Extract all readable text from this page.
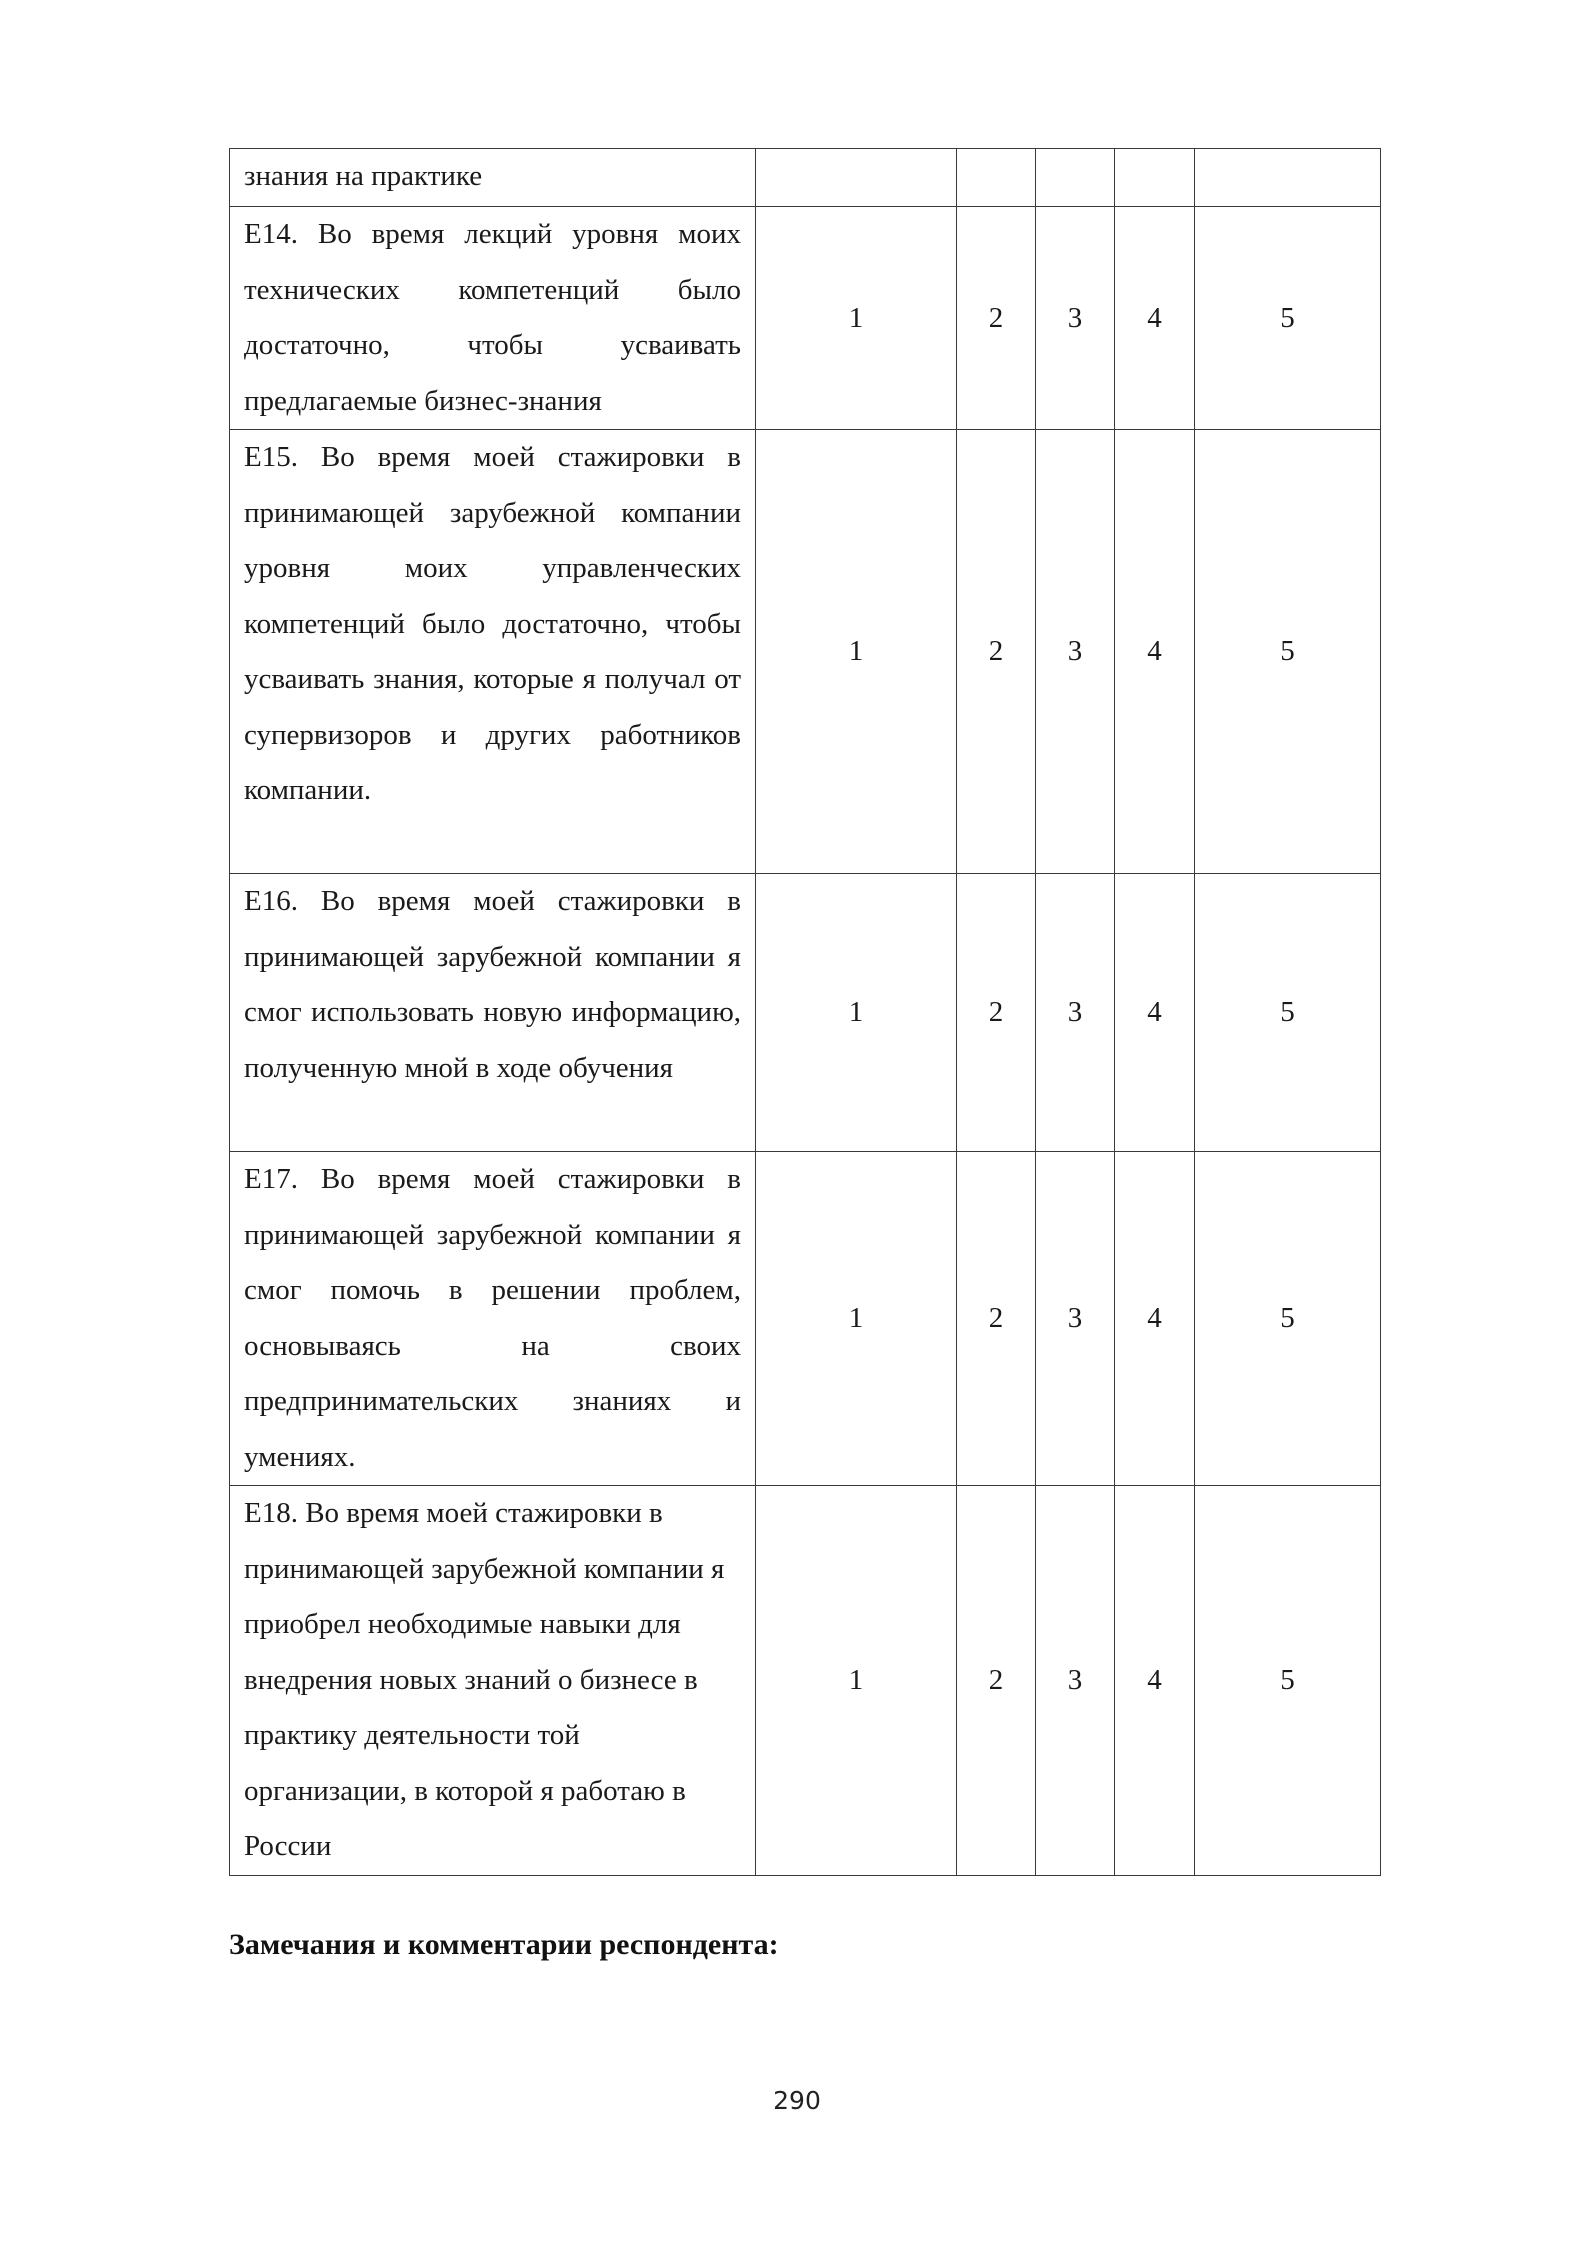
знания на практике					
E14. Во время лекций уровня моих технических компетенций было достаточно, чтобы усваивать предлагаемые бизнес-знания	1	2	3	4	5
E15. Во время моей стажировки в принимающей зарубежной компании уровня моих управленческих компетенций было достаточно, чтобы усваивать знания, которые я получал от супервизоров и других работников компании.	1	2	3	4	5
E16. Во время моей стажировки в принимающей зарубежной компании я смог использовать новую информацию, полученную мной в ходе обучения	1	2	3	4	5
E17. Во время моей стажировки в принимающей зарубежной компании я смог помочь в решении проблем, основываясь на своих предпринимательских знаниях и умениях.	1	2	3	4	5
E18. Во время моей стажировки в принимающей зарубежной компании я приобрел необходимые навыки для внедрения новых знаний о бизнесе в практику деятельности той организации, в которой я работаю в России	1	2	3	4	5

Замечания и комментарии респондента:

290
